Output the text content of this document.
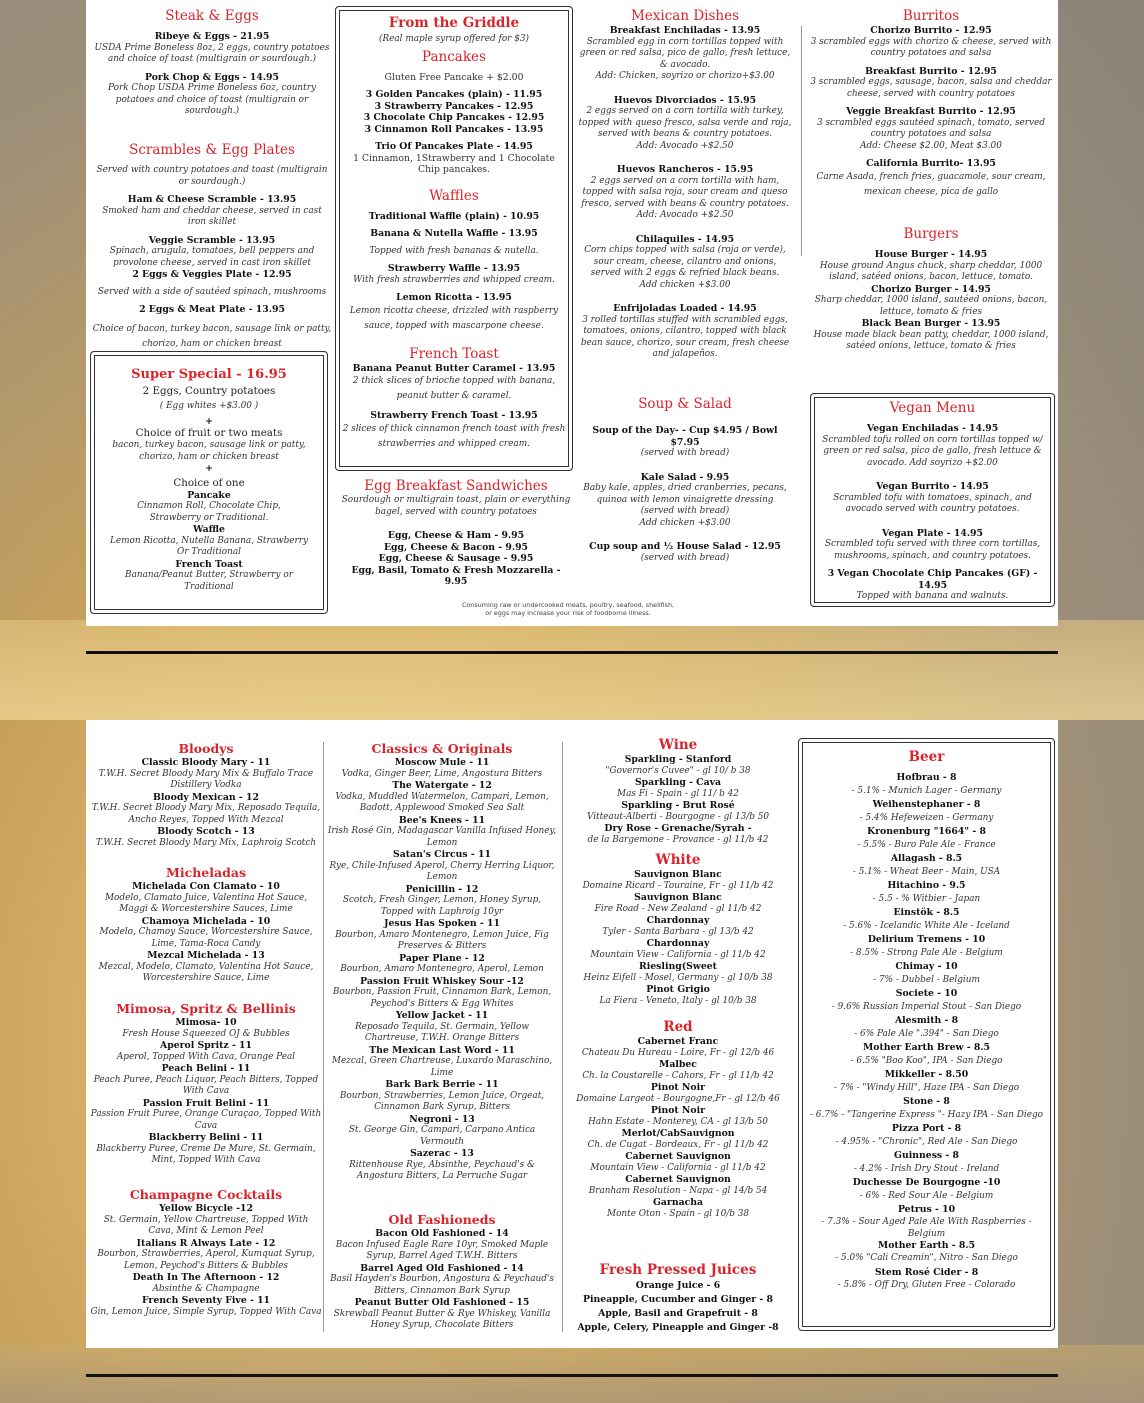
Steak & Eggs
Ribeye & Eggs - 21.95
USDA Prime Boneless 8oz, 2 eggs, country potatoes and choice of toast (multigrain or sourdough.)
Pork Chop & Eggs - 14.95
Pork Chop USDA Prime Boneless 6oz, country potatoes and choice of toast (multigrain or sourdough.)
Scrambles & Egg Plates
Served with country potatoes and toast (multigrain or sourdough.)
Ham & Cheese Scramble - 13.95
Smoked ham and cheddar cheese, served in cast iron skillet
Veggie Scramble - 13.95
Spinach, arugula, tomatoes, bell peppers and provolone cheese, served in cast iron skillet
2 Eggs & Veggies Plate - 12.95
Served with a side of sautéed spinach, mushrooms
2 Eggs & Meat Plate - 13.95
Choice of bacon, turkey bacon, sausage link or patty, chorizo, ham or chicken breast
Super Special - 16.95
2 Eggs, Country potatoes
( Egg whites +$3.00 )
+
Choice of fruit or two meats
bacon, turkey bacon, sausage link or patty, chorizo, ham or chicken breast
+
Choice of one
Pancake
Cinnamon Roll, Chocolate Chip, Strawberry or Traditional.
Waffle
Lemon Ricotta, Nutella Banana, Strawberry Or Traditional
French Toast
Banana/Peanut Butter, Strawberry or Traditional
From the Griddle
(Real maple syrup offered for $3)
Pancakes
Gluten Free Pancake + $2.00
3 Golden Pancakes (plain) - 11.95
3 Strawberry Pancakes - 12.95
3 Chocolate Chip Pancakes - 12.95
3 Cinnamon Roll Pancakes - 13.95
Trio Of Pancakes Plate - 14.95
1 Cinnamon, 1Strawberry and 1 Chocolate Chip pancakes.
Waffles
Traditional Waffle (plain) - 10.95
Banana & Nutella Waffle - 13.95
Topped with fresh bananas & nutella.
Strawberry Waffle - 13.95
With fresh strawberries and whipped cream.
Lemon Ricotta - 13.95
Lemon ricotta cheese, drizzled with raspberry sauce, topped with mascarpone cheese.
French Toast
Banana Peanut Butter Caramel - 13.95
2 thick slices of brioche topped with banana, peanut butter & caramel.
Strawberry French Toast - 13.95
2 slices of thick cinnamon french toast with fresh strawberries and whipped cream.
Egg Breakfast Sandwiches
Sourdough or multigrain toast, plain or everything bagel, served with country potatoes
Egg, Cheese & Ham - 9.95
Egg, Cheese & Bacon - 9.95
Egg, Cheese & Sausage - 9.95
Egg, Basil, Tomato & Fresh Mozzarella - 9.95
Consuming raw or undercooked meats, poultry, seafood, shellfish, or eggs may increase your risk of foodborne illness.
Mexican Dishes
Breakfast Enchiladas - 13.95
Scrambled egg in corn tortillas topped with green or red salsa, pico de gallo, fresh lettuce, & avocado.
Add: Chicken, soyrizo or chorizo+$3.00
Huevos Divorciados - 15.95
2 eggs served on a corn tortilla with turkey, topped with queso fresco, salsa verde and roja, served with beans & country potatoes.
Add: Avocado +$2.50
Huevos Rancheros - 15.95
2 eggs served on a corn tortilla with ham, topped with salsa roja, sour cream and queso fresco, served with beans & country potatoes.
Add: Avocado +$2.50
Chilaquiles - 14.95
Corn chips topped with salsa (roja or verde), sour cream, cheese, cilantro and onions, served with 2 eggs & refried black beans.
Add chicken +$3.00
Enfrijoladas Loaded - 14.95
3 rolled tortillas stuffed with scrambled eggs, tomatoes, onions, cilantro, topped with black bean sauce, chorizo, sour cream, fresh cheese and jalapeños.
Soup & Salad
Soup of the Day- - Cup $4.95 / Bowl $7.95
(served with bread)
Kale Salad - 9.95
Baby kale, apples, dried cranberries, pecans, quinoa with lemon vinaigrette dressing
(served with bread)
Add chicken +$3.00
Cup soup and ½ House Salad - 12.95
(served with bread)
Burritos
Chorizo Burrito - 12.95
3 scrambled eggs with chorizo & cheese, served with country potatoes and salsa
Breakfast Burrito - 12.95
3 scrambled eggs, sausage, bacon, salsa and cheddar cheese, served with country potatoes
Veggie Breakfast Burrito - 12.95
3 scrambled eggs sautéed spinach, tomato, served country potatoes and salsa
Add: Cheese $2.00, Meat $3.00
California Burrito- 13.95
Carne Asada, french fries, guacamole, sour cream, mexican cheese, pica de gallo
Burgers
House Burger - 14.95
House ground Angus chuck, sharp cheddar, 1000 island, satéed onions, bacon, lettuce, tomato.
Chorizo Burger - 14.95
Sharp cheddar, 1000 island, sautéed onions, bacon, lettuce, tomato & fries
Black Bean Burger - 13.95
House made black bean patty, cheddar, 1000 island, satéed onions, lettuce, tomato & fries
Vegan Menu
Vegan Enchiladas - 14.95
Scrambled tofu rolled on corn tortillas topped w/ green or red salsa, pico de gallo, fresh lettuce & avocado. Add soyrizo +$2.00
Vegan Burrito - 14.95
Scrambled tofu with tomatoes, spinach, and avocado served with country potatoes.
Vegan Plate - 14.95
Scrambled tofu served with three corn tortillas, mushrooms, spinach, and country potatoes.
3 Vegan Chocolate Chip Pancakes (GF) - 14.95
Topped with banana and walnuts.
Bloodys
Classic Bloody Mary - 11
T.W.H. Secret Bloody Mary Mix & Buffalo Trace Distillery Vodka
Bloody Mexican - 12
T.W.H. Secret Bloody Mary Mix, Reposado Tequila, Ancho Reyes, Topped With Mezcal
Bloody Scotch - 13
T.W.H. Secret Bloody Mary Mix, Laphroig Scotch
Micheladas
Michelada Con Clamato - 10
Modelo, Clamato Juice, Valentina Hot Sauce, Maggi & Worcestershire Sauces, Lime
Chamoya Michelada - 10
Modelo, Chamoy Sauce, Worcestershire Sauce, Lime, Tama-Roca Candy
Mezcal Michelada - 13
Mezcal, Modelo, Clamato, Valentina Hot Sauce, Worcestershire Sauce, Lime
Mimosa, Spritz & Bellinis
Mimosa- 10
Fresh House Squeezed OJ & Bubbles
Aperol Spritz - 11
Aperol, Topped With Cava, Orange Peal
Peach Belini - 11
Peach Puree, Peach Liquor, Peach Bitters, Topped With Cava
Passion Fruit Belini - 11
Passion Fruit Puree, Orange Curaçao, Topped With Cava
Blackberry Belini - 11
Blackberry Puree, Creme De Mure, St. Germain, Mint, Topped With Cava
Champagne Cocktails
Yellow Bicycle -12
St. Germain, Yellow Chartreuse, Topped With Cava, Mint & Lemon Peel
Italians R Always Late - 12
Bourbon, Strawberries, Aperol, Kumquat Syrup, Lemon, Peychod's Bitters & Bubbles
Death In The Afternoon - 12
Absinthe & Champagne
French Seventy Five - 11
Gin, Lemon Juice, Simple Syrup, Topped With Cava
Classics & Originals
Moscow Mule - 11
Vodka, Ginger Beer, Lime, Angostura Bitters
The Watergate - 12
Vodka, Muddled Watermelon, Campari, Lemon, Badott, Applewood Smoked Sea Salt
Bee's Knees - 11
Irish Rosé Gin, Madagascar Vanilla Infused Honey, Lemon
Satan's Circus - 11
Rye, Chile-Infused Aperol, Cherry Herring Liquor, Lemon
Penicillin - 12
Scotch, Fresh Ginger, Lemon, Honey Syrup, Topped with Laphroig 10yr
Jesus Has Spoken - 11
Bourbon, Amaro Montenegro, Lemon Juice, Fig Preserves & Bitters
Paper Plane - 12
Bourbon, Amaro Montenegro, Aperol, Lemon
Passion Fruit Whiskey Sour -12
Bourbon, Passion Fruit, Cinnamon Bark, Lemon, Peychod's Bitters & Egg Whites
Yellow Jacket - 11
Reposado Tequila, St. Germain, Yellow Chartreuse, T.W.H. Orange Bitters
The Mexican Last Word - 11
Mezcal, Green Chartreuse, Luxardo Maraschino, Lime
Bark Bark Berrie - 11
Bourbon, Strawberries, Lemon Juice, Orgeat, Cinnamon Bark Syrup, Bitters
Negroni - 13
St. George Gin, Campari, Carpano Antica Vermouth
Sazerac - 13
Rittenhouse Rye, Absinthe, Peychaud's & Angostura Bitters, La Perruche Sugar
Old Fashioneds
Bacon Old Fashioned - 14
Bacon Infused Eagle Rare 10yr, Smoked Maple Syrup, Barrel Aged T.W.H. Bitters
Barrel Aged Old Fashioned - 14
Basil Hayden's Bourbon, Angostura & Peychaud's Bitters, Cinnamon Bark Syrup
Peanut Butter Old Fashioned - 15
Skrewball Peanut Butter & Rye Whiskey, Vanilla Honey Syrup, Chocolate Bitters
Wine
Sparkling - Stanford
"Governor's Cuvee" - gl 10/ b 38
Sparkling - Cava
Mas Fi - Spain - gl 11/ b 42
Sparkling - Brut Rosé
Vitteaut-Alberti - Bourgogne - gl 13/b 50
Dry Rose - Grenache/Syrah -
de la Bargemone - Provance - gl 11/b 42
White
Sauvignon Blanc
Domaine Ricard - Touraine, Fr - gl 11/b 42
Sauvignon Blanc
Fire Road - New Zealand - gl 11/b 42
Chardonnay
Tyler - Santa Barbara - gl 13/b 42
Chardonnay
Mountain View - California - gl 11/b 42
Riesling(Sweet
Heinz Eifell - Mosel, Germany - gl 10/b 38
Pinot Grigio
La Fiera - Veneto, Italy - gl 10/b 38
Red
Cabernet Franc
Chateau Du Hureau - Loire, Fr - gl 12/b 46
Malbec
Ch. la Coustarelle - Cahors, Fr - gl 11/b 42
Pinot Noir
Domaine Largeot - Bourgogne,Fr - gl 12/b 46
Pinot Noir
Hahn Estate - Monterey, CA - gl 13/b 50
Merlot/CabSauvignon
Ch. de Cugat - Bordeaux, Fr - gl 11/b 42
Cabernet Sauvignon
Mountain View - California - gl 11/b 42
Cabernet Sauvignon
Branham Resolution - Napa - gl 14/b 54
Garnacha
Monte Oton - Spain - gl 10/b 38
Fresh Pressed Juices
Orange Juice - 6
Pineapple, Cucumber and Ginger - 8
Apple, Basil and Grapefruit - 8
Apple, Celery, Pineapple and Ginger -8
Beer
Hofbrau - 8
- 5.1% - Munich Lager - Germany
Weihenstephaner - 8
- 5.4% Hefeweizen - Germany
Kronenburg "1664" - 8
- 5.5% - Buro Pale Ale - France
Allagash - 8.5
- 5.1% - Wheat Beer - Main, USA
Hitachino - 9.5
- 5.5 - % Witbier - Japan
Einstök - 8.5
- 5.6% - Icelandic White Ale - Iceland
Delirium Tremens - 10
- 8.5% - Strong Pale Ale - Belgium
Chimay - 10
- 7% - Dubbel - Belgium
Societe - 10
- 9.6% Russian Imperial Stout - San Diego
Alesmith - 8
- 6% Pale Ale ".394" - San Diego
Mother Earth Brew - 8.5
- 6.5% "Boo Koo", IPA - San Diego
Mikkeller - 8.50
- 7% - "Windy Hill", Haze IPA - San Diego
Stone - 8
- 6.7% - "Tangerine Express "- Hazy IPA - San Diego
Pizza Port - 8
- 4.95% - "Chronic", Red Ale - San Diego
Guinness - 8
- 4.2% - Irish Dry Stout - Ireland
Duchesse De Bourgogne -10
- 6% - Red Sour Ale - Belgium
Petrus - 10
- 7.3% - Sour Aged Pale Ale With Raspberries - Belgium
Mother Earth - 8.5
- 5.0% "Cali Creamin", Nitro - San Diego
Stem Rosé Cider - 8
- 5.8% - Off Dry, Gluten Free - Colorado
